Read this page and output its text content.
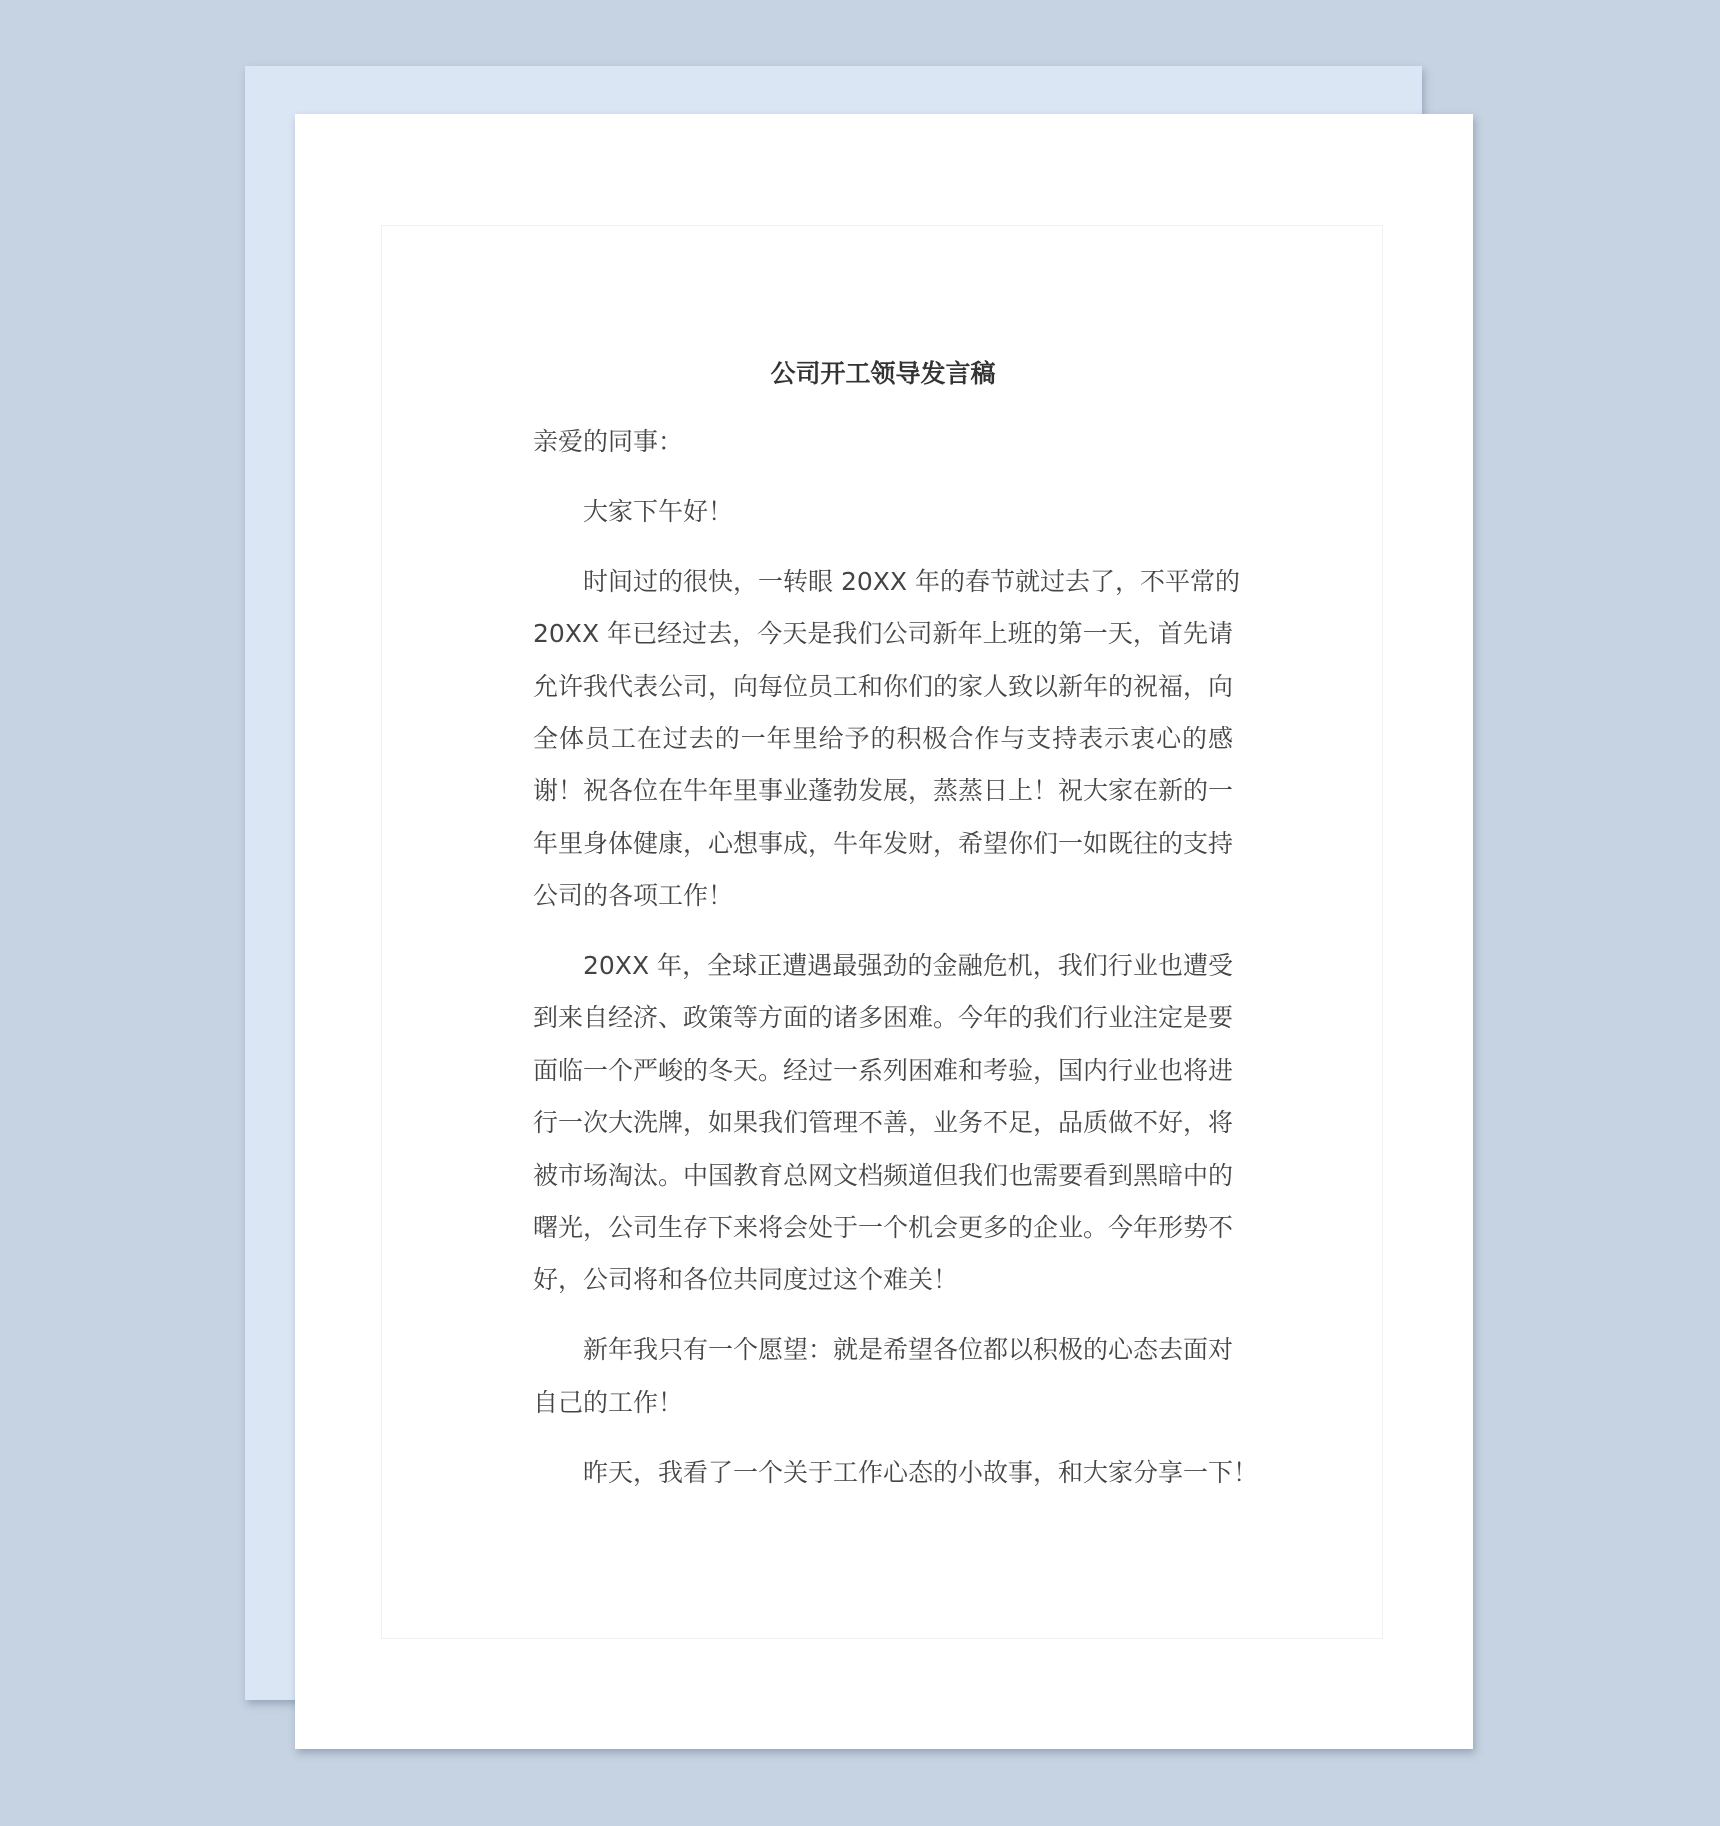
公司开工领导发言稿
亲爱的同事：
大家下午好！
时间过的很快，一转眼 20XX 年的春节就过去了，不平常的
20XX 年已经过去，今天是我们公司新年上班的第一天，首先请
允许我代表公司，向每位员工和你们的家人致以新年的祝福，向
全体员工在过去的一年里给予的积极合作与支持表示衷心的感
谢！祝各位在牛年里事业蓬勃发展，蒸蒸日上！祝大家在新的一
年里身体健康，心想事成，牛年发财，希望你们一如既往的支持
公司的各项工作！
20XX 年，全球正遭遇最强劲的金融危机，我们行业也遭受
到来自经济、政策等方面的诸多困难。今年的我们行业注定是要
面临一个严峻的冬天。经过一系列困难和考验，国内行业也将进
行一次大洗牌，如果我们管理不善，业务不足，品质做不好，将
被市场淘汰。中国教育总网文档频道但我们也需要看到黑暗中的
曙光，公司生存下来将会处于一个机会更多的企业。今年形势不
好，公司将和各位共同度过这个难关！
新年我只有一个愿望：就是希望各位都以积极的心态去面对
自己的工作！
昨天，我看了一个关于工作心态的小故事，和大家分享一下！
